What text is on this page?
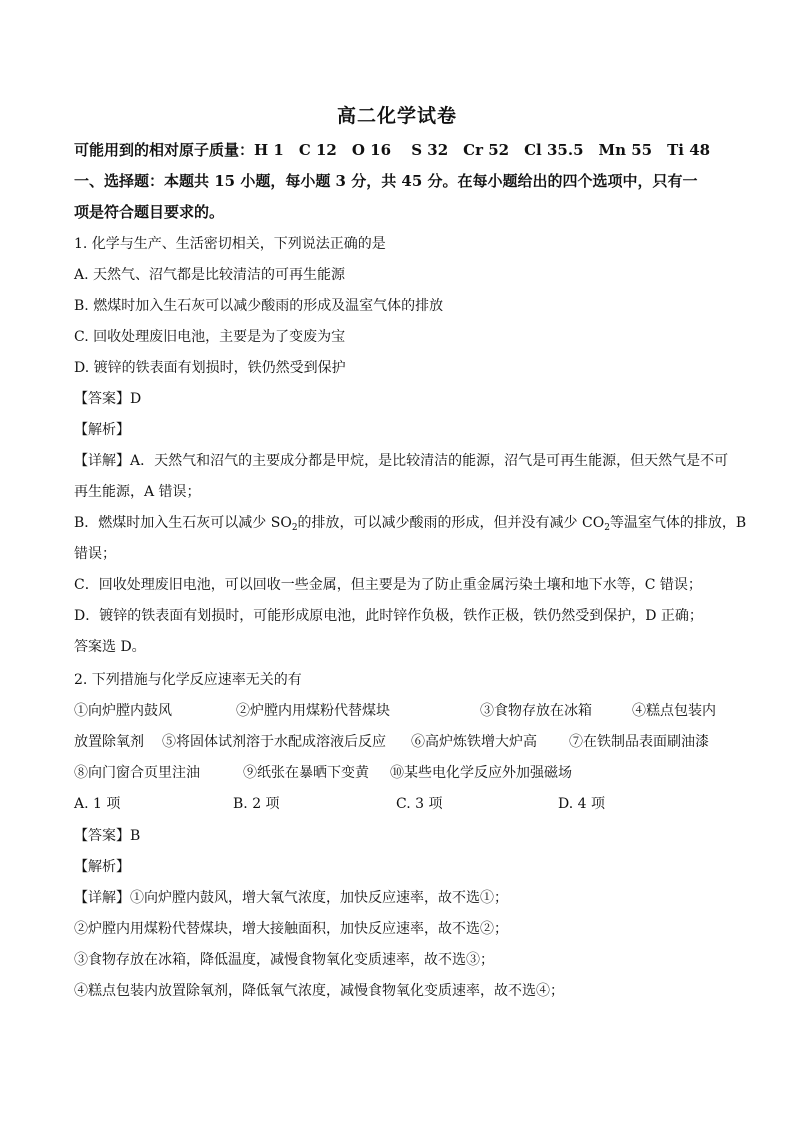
高二化学试卷
可能用到的相对原子质量：H 1　C 12　O 16　 S 32　Cr 52　Cl 35.5　Mn 55　Ti 48
一、选择题：本题共 15 小题，每小题 3 分，共 45 分。在每小题给出的四个选项中，只有一
项是符合题目要求的。
1. 化学与生产、生活密切相关，下列说法正确的是
A. 天然气、沼气都是比较清洁的可再生能源
B. 燃煤时加入生石灰可以减少酸雨的形成及温室气体的排放
C. 回收处理废旧电池，主要是为了变废为宝
D. 镀锌的铁表面有划损时，铁仍然受到保护
【答案】D
【解析】
【详解】A．天然气和沼气的主要成分都是甲烷，是比较清洁的能源，沼气是可再生能源，但天然气是不可
再生能源，A 错误；
B．燃煤时加入生石灰可以减少 $SO_2$的排放，可以减少酸雨的形成，但并没有减少 $CO_2$等温室气体的排放，B
错误；
C．回收处理废旧电池，可以回收一些金属，但主要是为了防止重金属污染土壤和地下水等，C 错误；
D．镀锌的铁表面有划损时，可能形成原电池，此时锌作负极，铁作正极，铁仍然受到保护，D 正确；
答案选 D。
2. 下列措施与化学反应速率无关的有
①向炉膛内鼓风	②炉膛内用煤粉代替煤块	③食物存放在冰箱	④糕点包装内
放置除氧剂 ⑤将固体试剂溶于水配成溶液后反应 ⑥高炉炼铁增大炉高 ⑦在铁制品表面刷油漆
⑧向门窗合页里注油	⑨纸张在暴晒下变黄 ⑩某些电化学反应外加强磁场
A. 1 项	B. 2 项	C. 3 项	D. 4 项
【答案】B
【解析】
【详解】①向炉膛内鼓风，增大氧气浓度，加快反应速率，故不选①；
②炉膛内用煤粉代替煤块，增大接触面积，加快反应速率，故不选②；
③食物存放在冰箱，降低温度，减慢食物氧化变质速率，故不选③；
④糕点包装内放置除氧剂，降低氧气浓度，减慢食物氧化变质速率，故不选④；
